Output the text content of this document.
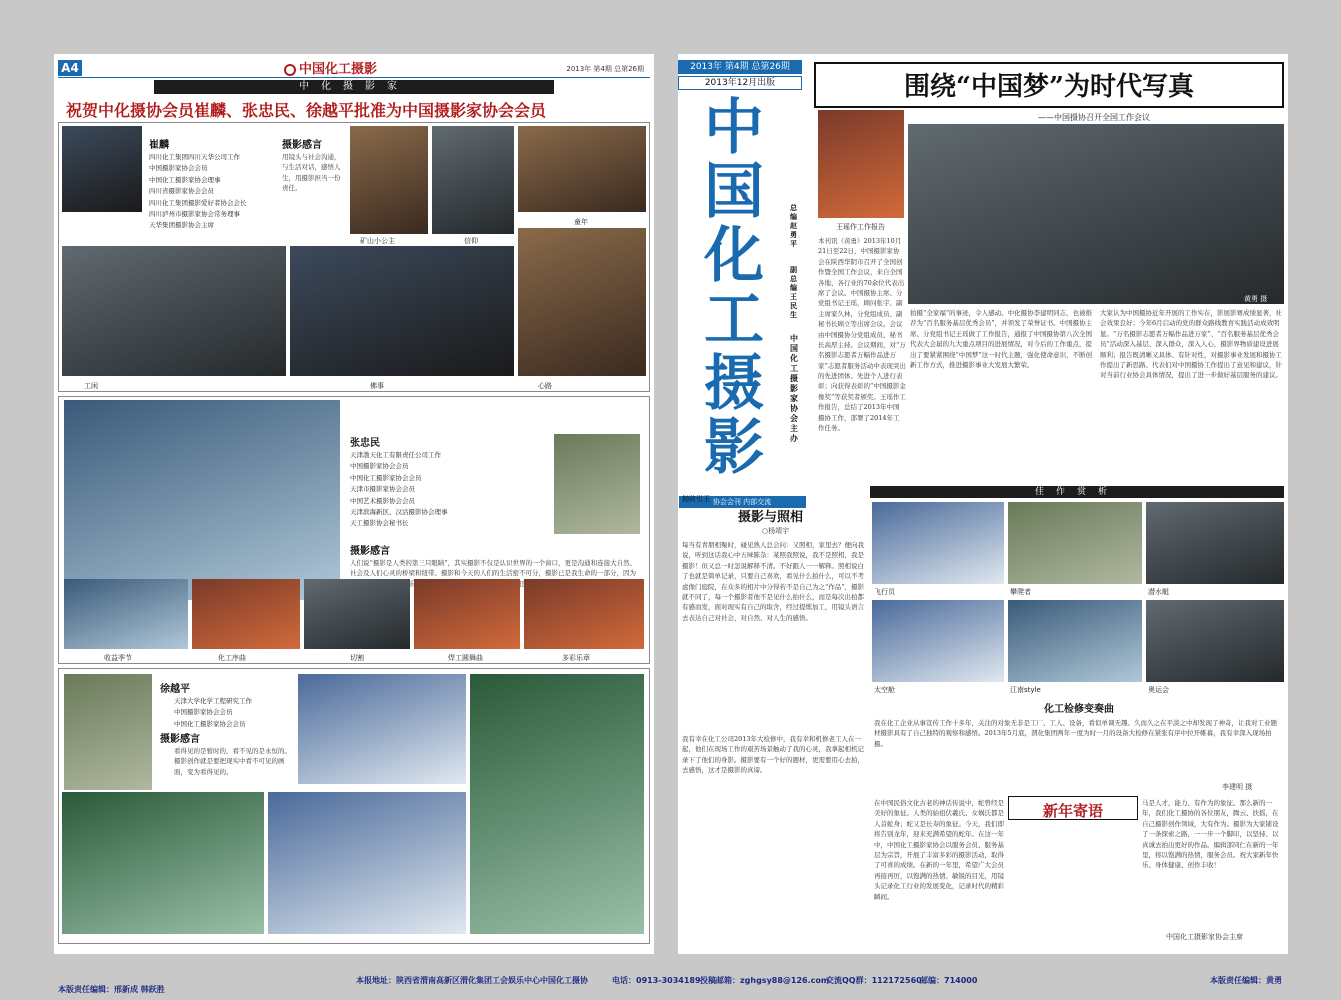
A4	中国化工摄影	2013年 第4期 总第26期
中化摄影家
祝贺中化摄协会员崔麟、张忠民、徐越平批准为中国摄影家协会会员
崔麟
四川化工集团四川天华公司工作
中国摄影家协会会员
中国化工摄影家协会理事
四川省摄影家协会会员
四川化工集团摄影爱好者协会会长
四川泸州市摄影家协会常务理事
天华集团摄影协会主席
摄影感言
用镜头与社会沟通，与生活对话，感悟人生，用摄影担当一份责任。
矿山小公主	信仰
童年
工闲	佛事	心路
张忠民
天津渤天化工有限责任公司工作
中国摄影家协会会员
中国化工摄影家协会会员
天津市摄影家协会会员
中国艺术摄影协会会员
天津滨海新区、汉沽摄影协会理事
天工摄影协会秘书长
摄影感言
人们说“摄影是人类的第三只眼睛”，其实摄影不仅是认识世界的一个窗口，更是沟通和连接大自然、社会及人们心灵的桥梁和纽带。摄影和今天的人们的生活密不可分，摄影已是我生命的一部分，因为 快乐， 责任，
收益季节	化工序曲	切割	焊工圆舞曲	多彩乐章
徐越平
天津大学化学工程研究工作
中国摄影家协会会员
中国化工摄影家协会会员
摄影感言
看得见的是暂时的，看不见的是永恒的。摄影创作就是要把现实中看不可见的画面，变为看得见的。
本版责任编辑：邢新成 韩跃胜
2013年 第4期 总第26期
2013年12月出版
中
国
化
工
摄
影
总编赵勇平
副总编王民生
中国化工摄影家协会主办
协会会刊 内部交流
围绕“中国梦”为时代写真
——中国摄协召开全国工作会议
王瑶作工作报告
黄勇 摄
本刊讯（黄勇）2013年10月21日至22日，中国摄影家协会在陕西华阴市召开了全国创作暨全国工作会议，来自全国各地、各行业的70余位代表出席了会议。中国摄协主席、分党组书记王瑶，顾问张宇、副主席家久林，分党组成员、副秘书长顾立等出席会议。会议由中国摄协分党组成员、秘书长高厚主持。会议期间，对“万名摄影志愿者万幅作品进万家”志愿者服务活动中表现突出的先进团体、先进个人进行表彰；向获得表彰的“中国摄影金像奖”等获奖者颁奖。王瑶作工作报告，总结了2013年中国摄协工作，部署了2014年工作任务。
拍摄“全家福”的事迹，令人感动。中化摄协李建明同志，也被推荐为“百名服务基层优秀会员”，并领发了荣誉证书。中国摄协主席、分党组书记王瑶做了工作报告，通报了中国摄协第八次全国代表大会届的九大重点项目的进展情况，对今后的工作重点，提出了要紧紧围绕“中国梦”这一时代主题，强化使命意识，不断创新工作方式，推进摄影事业大发展大繁荣。
大家认为中国摄协近年开展的工作实在，影展影赛成绩显著，社会效果良好；今年6月启动的党的群众路线教育实践活动成效明显。“万名摄影志愿者万幅作品进万家”、“百名服务基层优秀会员”活动深入基层、深入群众，深入人心，摄影界物质建设进展顺利；报告既清晰又具体、有针对性，对摄影事业发展和摄协工作提出了新思路。代表们对中国摄协工作提出了意见和建议，针对当前行业协会具体情况，提出了进一步做好基层服务的建议。
抛砖引玉
摄影与照相
○杨靖宇
每当有青朋相聚时，碰见熟人总会问：又照相，家里去？便向我说，听到这话我心中五味陈杂：某照我照说，我不是照相，我是摄影！但又总一时怎说解释不清。不好跟人一一解释。照相说白了也就是简单记录，只要自己喜欢，看见什么拍什么，可以不考虑像门庭院，在众多的相片中分得若不是自己为之“作品”，摄影就不同了，每一个摄影者他不是见什么拍什么，而是每次出拍都有感而发，面对现实有自己的取舍，经过提炼加工，用镜头语言去表达自己对社会、对自然、对人生的感悟。
我有幸在化工公司2013年大检修中，我有幸和机修老工人在一起，他们在现场工作的艰苦场景触动了我的心灵，我拿起相机记录下了他们的身影。摄影要有一个好的题材，更需要用心去拍，去感悟，这才是摄影的真谛。
佳作赏析
飞行员	攀爬者	潜水艇
太空舱	江南style	奥运会
化工检修变奏曲
我在化工企业从事宣传工作十多年，关注的对象无非是工厂、工人、设备，看似单调无趣。久而久之在平淡之中却发现了神奇，让我对工业题材摄影具有了自己独特的观察和感悟。2013年5月底，渭化集团两年一度为时一月的设备大检修在紧张有序中拉开帷幕，我有幸深入现场拍摄。
李建明 摄
新年寄语
在中国民俗文化古老的神话传说中，蛇曾经是美好的象征。人类的始祖伏羲氏、女娲氏都是人首蛇身；蛇又是长寿的象征。今天，我们即将告别龙年，迎来充满希望的蛇年。在这一年中，中国化工摄影家协会以服务会员、服务基层为宗旨，开展了丰富多彩的摄影活动，取得了可喜的成绩。在新的一年里，希望广大会员再接再厉，以饱满的热情、敏锐的目光，用镜头记录化工行业的发展变化，记录时代的精彩瞬间。
马是人才，能力、有作为的象征。那么新的一年，我们化工摄协的各位朋友，腾云、扶摇，在自己摄影创作领域，大有作为。摄影为大家铺设了一条探索之路，一一步一个脚印，以坚持、以真诚去拍出更好的作品。编辑部同仁在新的一年里，将以饱满的热情，服务会员。祝大家新年快乐、身体健康、创作丰收！
中国化工摄影家协会主席
本报地址：陕西省渭南高新区渭化集团工会娱乐中心中国化工摄协	电话：0913-3034189 投稿邮箱：zghgsy88@126.com
交流QQ群：112172560
邮编：714000	本版责任编辑：黄勇
